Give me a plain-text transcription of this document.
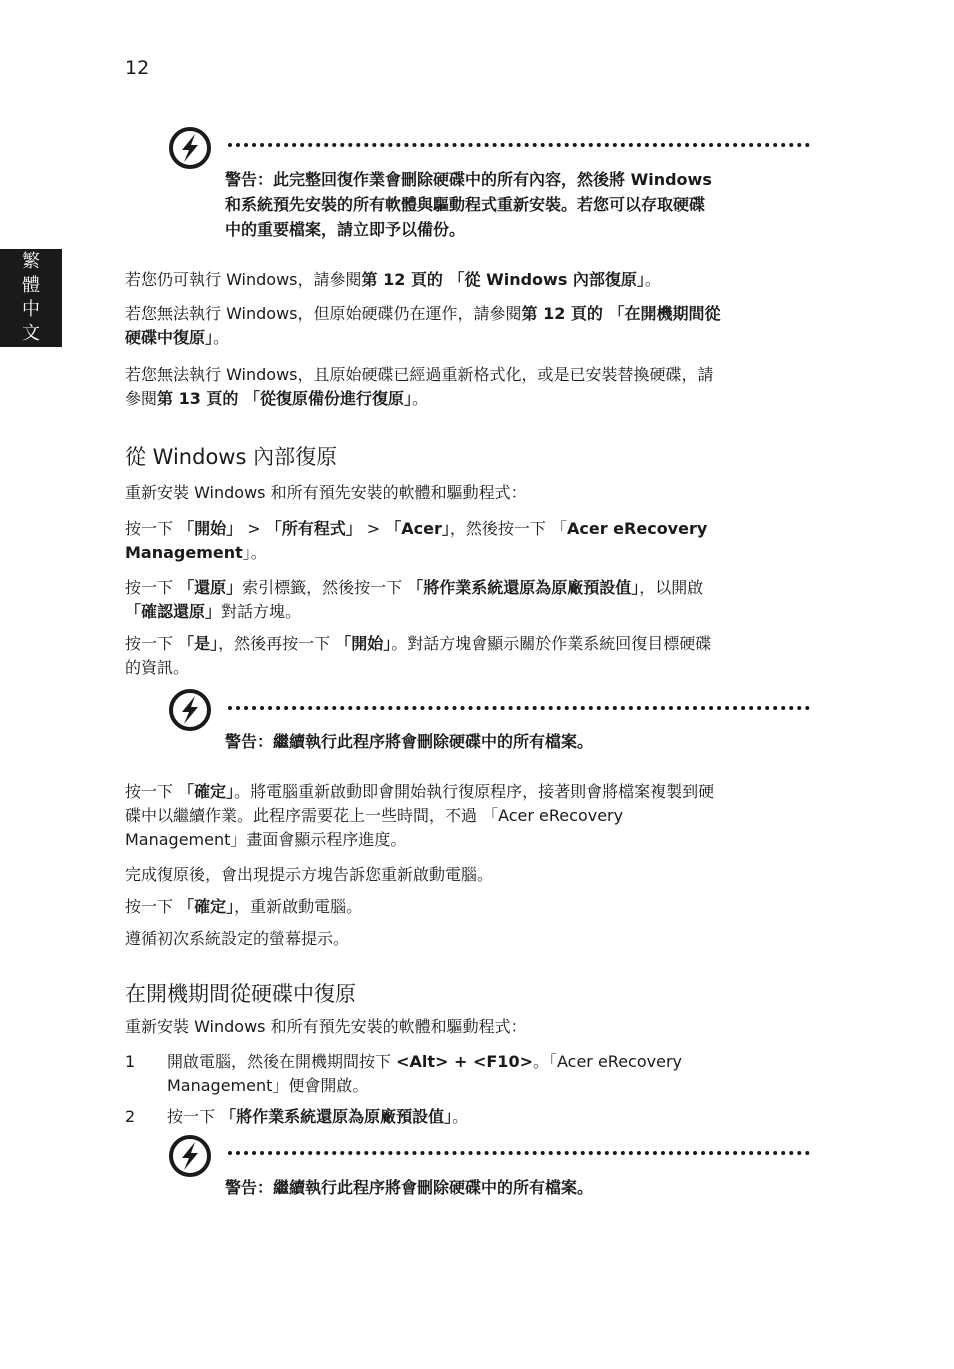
12
繁
體
中
文
警告：此完整回復作業會刪除硬碟中的所有內容，然後將 Windows
和系統預先安裝的所有軟體與驅動程式重新安裝。若您可以存取硬碟
中的重要檔案，請立即予以備份。

若您仍可執行 Windows，請參閱第 12 頁的 「從 Windows 內部復原」。

若您無法執行 Windows，但原始硬碟仍在運作，請參閱第 12 頁的 「在開機期間從
硬碟中復原」。

若您無法執行 Windows，且原始硬碟已經過重新格式化，或是已安裝替換硬碟，請
參閱第 13 頁的 「從復原備份進行復原」。

從 Windows 內部復原

重新安裝 Windows 和所有預先安裝的軟體和驅動程式：

按一下 「開始」 > 「所有程式」 > 「Acer」，然後按一下 「Acer eRecovery
Management」。

按一下 「還原」索引標籤，然後按一下 「將作業系統還原為原廠預設值」，以開啟
「確認還原」對話方塊。

按一下 「是」，然後再按一下 「開始」。對話方塊會顯示關於作業系統回復目標硬碟
的資訊。

警告：繼續執行此程序將會刪除硬碟中的所有檔案。

按一下 「確定」。將電腦重新啟動即會開始執行復原程序，接著則會將檔案複製到硬
碟中以繼續作業。此程序需要花上一些時間，不過 「Acer eRecovery
Management」畫面會顯示程序進度。

完成復原後，會出現提示方塊告訴您重新啟動電腦。

按一下 「確定」，重新啟動電腦。

遵循初次系統設定的螢幕提示。

在開機期間從硬碟中復原

重新安裝 Windows 和所有預先安裝的軟體和驅動程式：

1 開啟電腦，然後在開機期間按下 <Alt> + <F10>。「Acer eRecovery
Management」便會開啟。

2 按一下 「將作業系統還原為原廠預設值」。

警告：繼續執行此程序將會刪除硬碟中的所有檔案。
